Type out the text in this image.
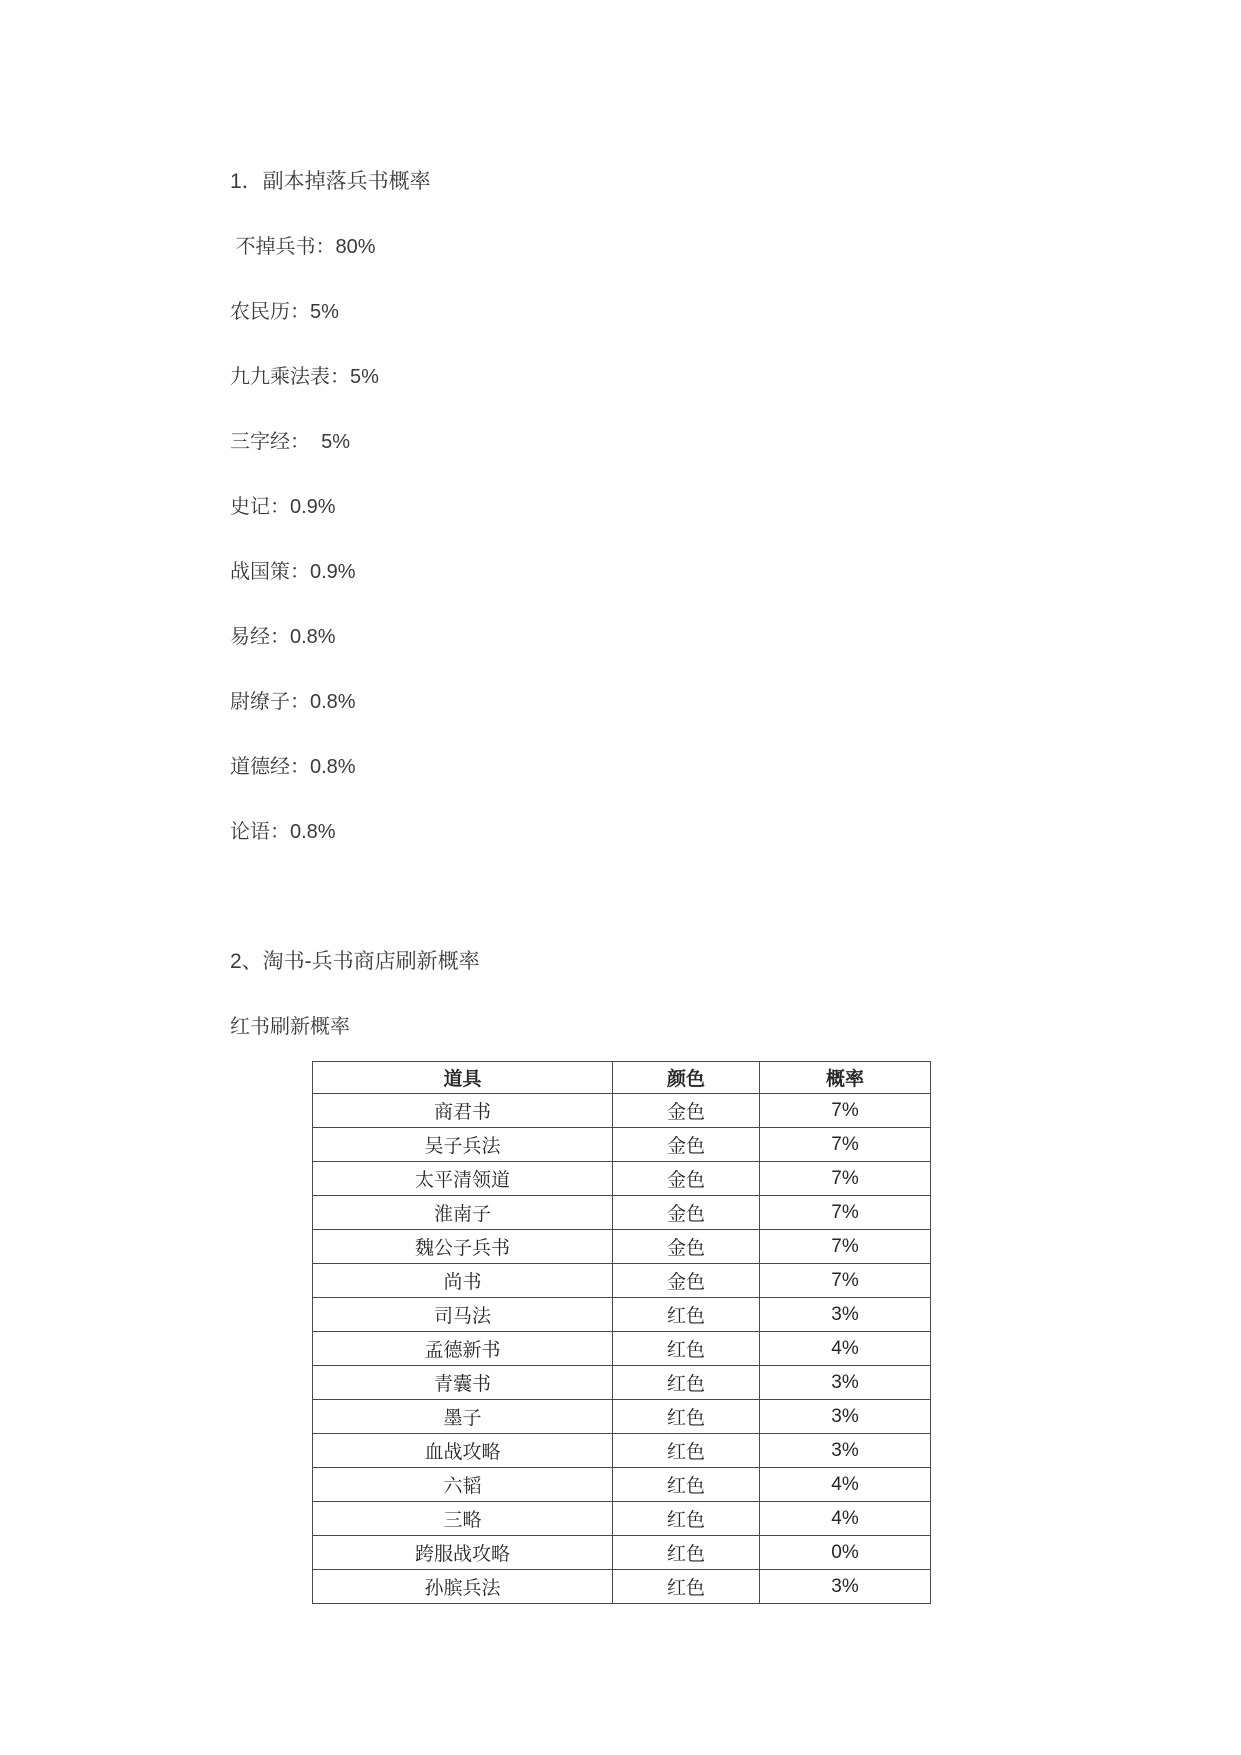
1．副本掉落兵书概率

不掉兵书：80%

农民历：5%

九九乘法表：5%

三字经：  5%

史记：0.9%

战国策：0.9%

易经：0.8%

尉缭子：0.8%

道德经：0.8%

论语：0.8%

2、淘书-兵书商店刷新概率

红书刷新概率

道具	颜色	概率
商君书	金色	7%
吴子兵法	金色	7%
太平清领道	金色	7%
淮南子	金色	7%
魏公子兵书	金色	7%
尚书	金色	7%
司马法	红色	3%
孟德新书	红色	4%
青囊书	红色	3%
墨子	红色	3%
血战攻略	红色	3%
六韬	红色	4%
三略	红色	4%
跨服战攻略	红色	0%
孙膑兵法	红色	3%
